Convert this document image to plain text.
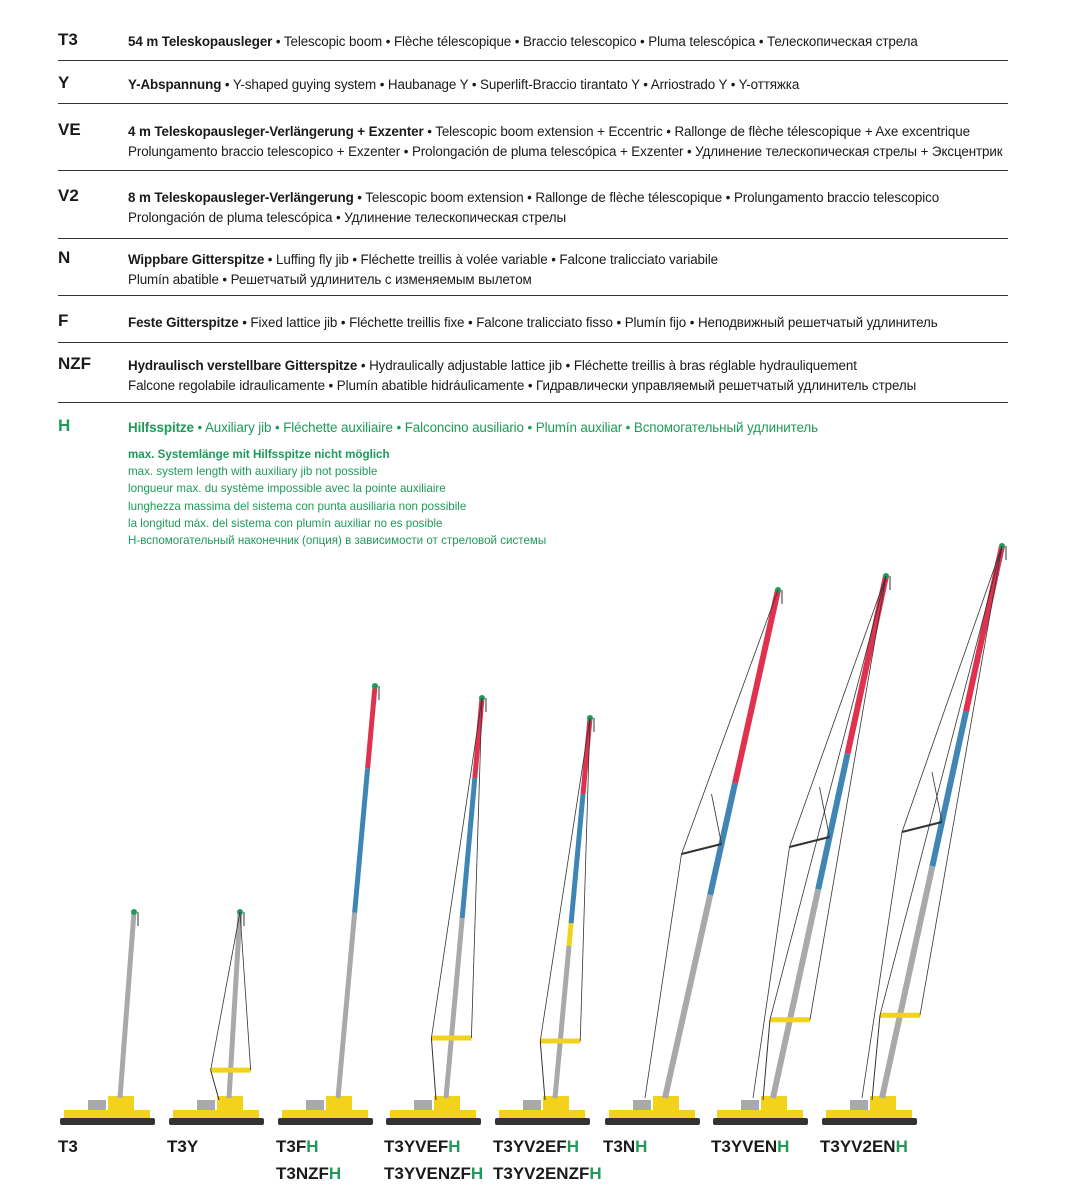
T3	54 m Teleskopausleger • Telescopic boom • Flèche télescopique • Braccio telescopico • Pluma telescópica • Телескопическая стрела
Y	Y-Abspannung • Y-shaped guying system • Haubanage Y • Superlift-Braccio tirantato Y • Arriostrado Y • Y-оттяжка
VE	4 m Teleskopausleger-Verlängerung + Exzenter • Telescopic boom extension + Eccentric • Rallonge de flèche télescopique + Axe excentrique
Prolungamento braccio telescopico + Exzenter • Prolongación de pluma telescópica + Exzenter • Удлинение телескопическая стрелы + Эксцентрик
V2	8 m Teleskopausleger-Verlängerung • Telescopic boom extension • Rallonge de flèche télescopique • Prolungamento braccio telescopico
Prolongación de pluma telescópica • Удлинение телескопическая стрелы
N	Wippbare Gitterspitze • Luffing fly jib • Fléchette treillis à volée variable • Falcone tralicciato variabile
Plumín abatible • Решетчатый удлинитель с изменяемым вылетом
F	Feste Gitterspitze • Fixed lattice jib • Fléchette treillis fixe • Falcone tralicciato fisso • Plumín fijo • Неподвижный решетчатый удлинитель
NZF	Hydraulisch verstellbare Gitterspitze • Hydraulically adjustable lattice jib • Fléchette treillis à bras réglable hydrauliquement
Falcone regolabile idraulicamente • Plumín abatible hidráulicamente • Гидравлически управляемый решетчатый удлинитель стрелы
H	Hilfsspitze • Auxiliary jib • Fléchette auxiliaire • Falconcino ausiliario • Plumín auxiliar • Вспомогательный удлинитель
max. Systemlänge mit Hilfsspitze nicht möglich
max. system length with auxiliary jib not possible
longueur max. du système impossible avec la pointe auxiliaire
lunghezza massima del sistema con punta ausiliaria non possibile
la longitud máx. del sistema con plumín auxiliar no es posible
H-вспомогательный наконечник (опция) в зависимости от стреловой системы
T3	T3Y	T3FH
T3NZFH
T3YVEFH
T3YVENZFH
T3YV2EFH
T3YV2ENZFH
T3NH	T3YVENH T3YV2ENH
